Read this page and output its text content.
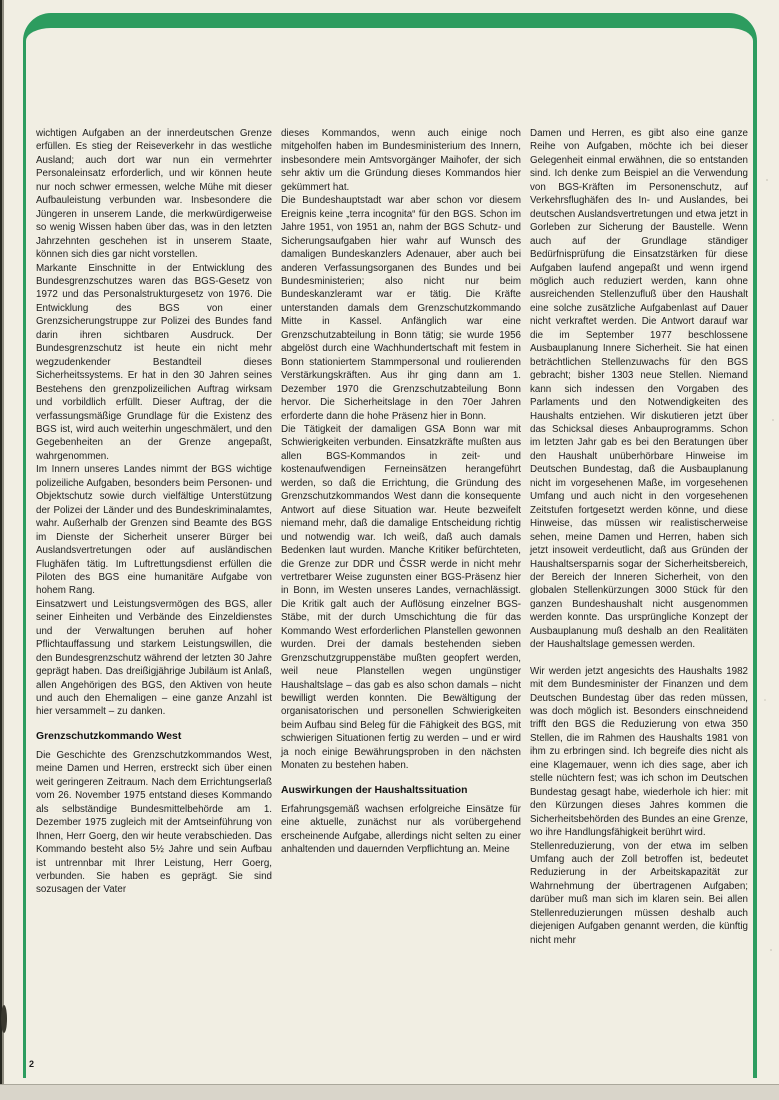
wichtigen Aufgaben an der innerdeutschen Grenze erfüllen. Es stieg der Reiseverkehr in das westliche Ausland; auch dort war nun ein vermehrter Personaleinsatz erforderlich, und wir können heute nur noch schwer ermessen, welche Mühe mit dieser Aufbauleistung verbunden war. Insbesondere die Jüngeren in unserem Lande, die merkwürdigerweise so wenig Wissen haben über das, was in den letzten Jahrzehnten geschehen ist in unserem Staate, können sich dies gar nicht vorstellen.

Markante Einschnitte in der Entwicklung des Bundesgrenzschutzes waren das BGS-Gesetz von 1972 und das Personalstrukturgesetz von 1976. Die Entwicklung des BGS von einer Grenzsicherungstruppe zur Polizei des Bundes fand darin ihren sichtbaren Ausdruck. Der Bundesgrenzschutz ist heute ein nicht mehr wegzudenkender Bestandteil dieses Sicherheitssystems. Er hat in den 30 Jahren seines Bestehens den grenzpolizeilichen Auftrag wirksam und vorbildlich erfüllt. Dieser Auftrag, der die verfassungsmäßige Grundlage für die Existenz des BGS ist, wird auch weiterhin ungeschmälert, und den Gegebenheiten an der Grenze angepaßt, wahrgenommen.

Im Innern unseres Landes nimmt der BGS wichtige polizeiliche Aufgaben, besonders beim Personen- und Objektschutz sowie durch vielfältige Unterstützung der Polizei der Länder und des Bundeskriminalamtes, wahr. Außerhalb der Grenzen sind Beamte des BGS im Dienste der Sicherheit unserer Bürger bei Auslandsvertretungen oder auf ausländischen Flughäfen tätig. Im Luftrettungsdienst erfüllen die Piloten des BGS eine humanitäre Aufgabe von hohem Rang.

Einsatzwert und Leistungsvermögen des BGS, aller seiner Einheiten und Verbände des Einzeldienstes und der Verwaltungen beruhen auf hoher Pflichtauffassung und starkem Leistungswillen, die den Bundesgrenzschutz während der letzten 30 Jahre geprägt haben. Das dreißigjährige Jubiläum ist Anlaß, allen Angehörigen des BGS, den Aktiven von heute und auch den Ehemaligen – eine ganze Anzahl ist hier versammelt – zu danken.

Grenzschutzkommando West

Die Geschichte des Grenzschutzkommandos West, meine Damen und Herren, erstreckt sich über einen weit geringeren Zeitraum. Nach dem Errichtungserlaß vom 26. November 1975 entstand dieses Kommando als selbständige Bundesmittelbehörde am 1. Dezember 1975 zugleich mit der Amtseinführung von Ihnen, Herr Goerg, den wir heute verabschieden. Das Kommando besteht also 5½ Jahre und sein Aufbau ist untrennbar mit Ihrer Leistung, Herr Goerg, verbunden. Sie haben es geprägt. Sie sind sozusagen der Vater

dieses Kommandos, wenn auch einige noch mitgeholfen haben im Bundesministerium des Innern, insbesondere mein Amtsvorgänger Maihofer, der sich sehr aktiv um die Gründung dieses Kommandos hier gekümmert hat.

Die Bundeshauptstadt war aber schon vor diesem Ereignis keine „terra incognita“ für den BGS. Schon im Jahre 1951, von 1951 an, nahm der BGS Schutz- und Sicherungsaufgaben hier wahr auf Wunsch des damaligen Bundeskanzlers Adenauer, aber auch bei anderen Verfassungsorganen des Bundes und bei Bundesministerien; also nicht nur beim Bundeskanzleramt war er tätig. Die Kräfte unterstanden damals dem Grenzschutzkommando Mitte in Kassel. Anfänglich war eine Grenzschutzabteilung in Bonn tätig; sie wurde 1956 abgelöst durch eine Wachhundertschaft mit festem in Bonn stationiertem Stammpersonal und roulierenden Verstärkungskräften. Aus ihr ging dann am 1. Dezember 1970 die Grenzschutzabteilung Bonn hervor. Die Sicherheitslage in den 70er Jahren erforderte dann die hohe Präsenz hier in Bonn.

Die Tätigkeit der damaligen GSA Bonn war mit Schwierigkeiten verbunden. Einsatzkräfte mußten aus allen BGS-Kommandos in zeit- und kostenaufwendigen Ferneinsätzen herangeführt werden, so daß die Errichtung, die Gründung des Grenzschutzkommandos West dann die konsequente Antwort auf diese Situation war. Heute bezweifelt niemand mehr, daß die damalige Entscheidung richtig und notwendig war. Ich weiß, daß auch damals Bedenken laut wurden. Manche Kritiker befürchteten, die Grenze zur DDR und ČSSR werde in nicht mehr vertretbarer Weise zugunsten einer BGS-Präsenz hier in Bonn, im Westen unseres Landes, vernachlässigt. Die Kritik galt auch der Auflösung einzelner BGS-Stäbe, mit der durch Umschichtung die für das Kommando West erforderlichen Planstellen gewonnen wurden. Drei der damals bestehenden sieben Grenzschutzgruppenstäbe mußten geopfert werden, weil neue Planstellen wegen ungünstiger Haushaltslage – das gab es also schon damals – nicht bewilligt werden konnten. Die Bewältigung der organisatorischen und personellen Schwierigkeiten beim Aufbau sind Beleg für die Fähigkeit des BGS, mit schwierigen Situationen fertig zu werden – und er wird ja noch einige Bewährungsproben in den nächsten Monaten zu bestehen haben.

Auswirkungen der Haushaltssituation

Erfahrungsgemäß wachsen erfolgreiche Einsätze für eine aktuelle, zunächst nur als vorübergehend erscheinende Aufgabe, allerdings nicht selten zu einer anhaltenden und dauernden Verpflichtung an. Meine

Damen und Herren, es gibt also eine ganze Reihe von Aufgaben, möchte ich bei dieser Gelegenheit einmal erwähnen, die so entstanden sind. Ich denke zum Beispiel an die Verwendung von BGS-Kräften im Personenschutz, auf Verkehrsflughäfen des In- und Auslandes, bei deutschen Auslandsvertretungen und etwa jetzt in Gorleben zur Sicherung der Baustelle. Wenn auch auf der Grundlage ständiger Bedürfnisprüfung die Einsatzstärken für diese Aufgaben laufend angepaßt und wenn irgend möglich auch reduziert werden, kann ohne ausreichenden Stellenzufluß über den Haushalt eine solche zusätzliche Aufgabenlast auf Dauer nicht verkraftet werden. Die Antwort darauf war die im September 1977 beschlossene Ausbauplanung Innere Sicherheit. Sie hat einen beträchtlichen Stellenzuwachs für den BGS gebracht; bisher 1303 neue Stellen. Niemand kann sich indessen den Vorgaben des Parlaments und den Notwendigkeiten des Haushalts entziehen. Wir diskutieren jetzt über das Schicksal dieses Anbauprogramms. Schon im letzten Jahr gab es bei den Beratungen über den Haushalt unüberhörbare Hinweise im Deutschen Bundestag, daß die Ausbauplanung nicht im vorgesehenen Maße, im vorgesehenen Umfang und auch nicht in den vorgesehenen Zeitstufen fortgesetzt werden könne, und diese Hinweise, das müssen wir realistischerweise sehen, meine Damen und Herren, haben sich jetzt insoweit verdeutlicht, daß aus Gründen der Haushaltsersparnis sogar der Sicherheitsbereich, der Bereich der Inneren Sicherheit, von den globalen Stellenkürzungen 3000 Stück für den ganzen Bundeshaushalt nicht ausgenommen werden konnte. Das ursprüngliche Konzept der Ausbauplanung muß deshalb an den Realitäten der Haushaltslage gemessen werden.

Wir werden jetzt angesichts des Haushalts 1982 mit dem Bundesminister der Finanzen und dem Deutschen Bundestag über das reden müssen, was doch möglich ist. Besonders einschneidend trifft den BGS die Reduzierung von etwa 350 Stellen, die im Rahmen des Haushalts 1981 von ihm zu erbringen sind. Ich begreife dies nicht als eine Klagemauer, wenn ich dies sage, aber ich stelle nüchtern fest; was ich schon im Deutschen Bundestag gesagt habe, wiederhole ich hier: mit den Kürzungen dieses Jahres kommen die Sicherheitsbehörden des Bundes an eine Grenze, wo ihre Handlungsfähigkeit berührt wird.

Stellenreduzierung, von der etwa im selben Umfang auch der Zoll betroffen ist, bedeutet Reduzierung in der Arbeitskapazität zur Wahrnehmung der übertragenen Aufgaben; darüber muß man sich im klaren sein. Bei allen Stellenreduzierungen müssen deshalb auch diejenigen Aufgaben genannt werden, die künftig nicht mehr

2
